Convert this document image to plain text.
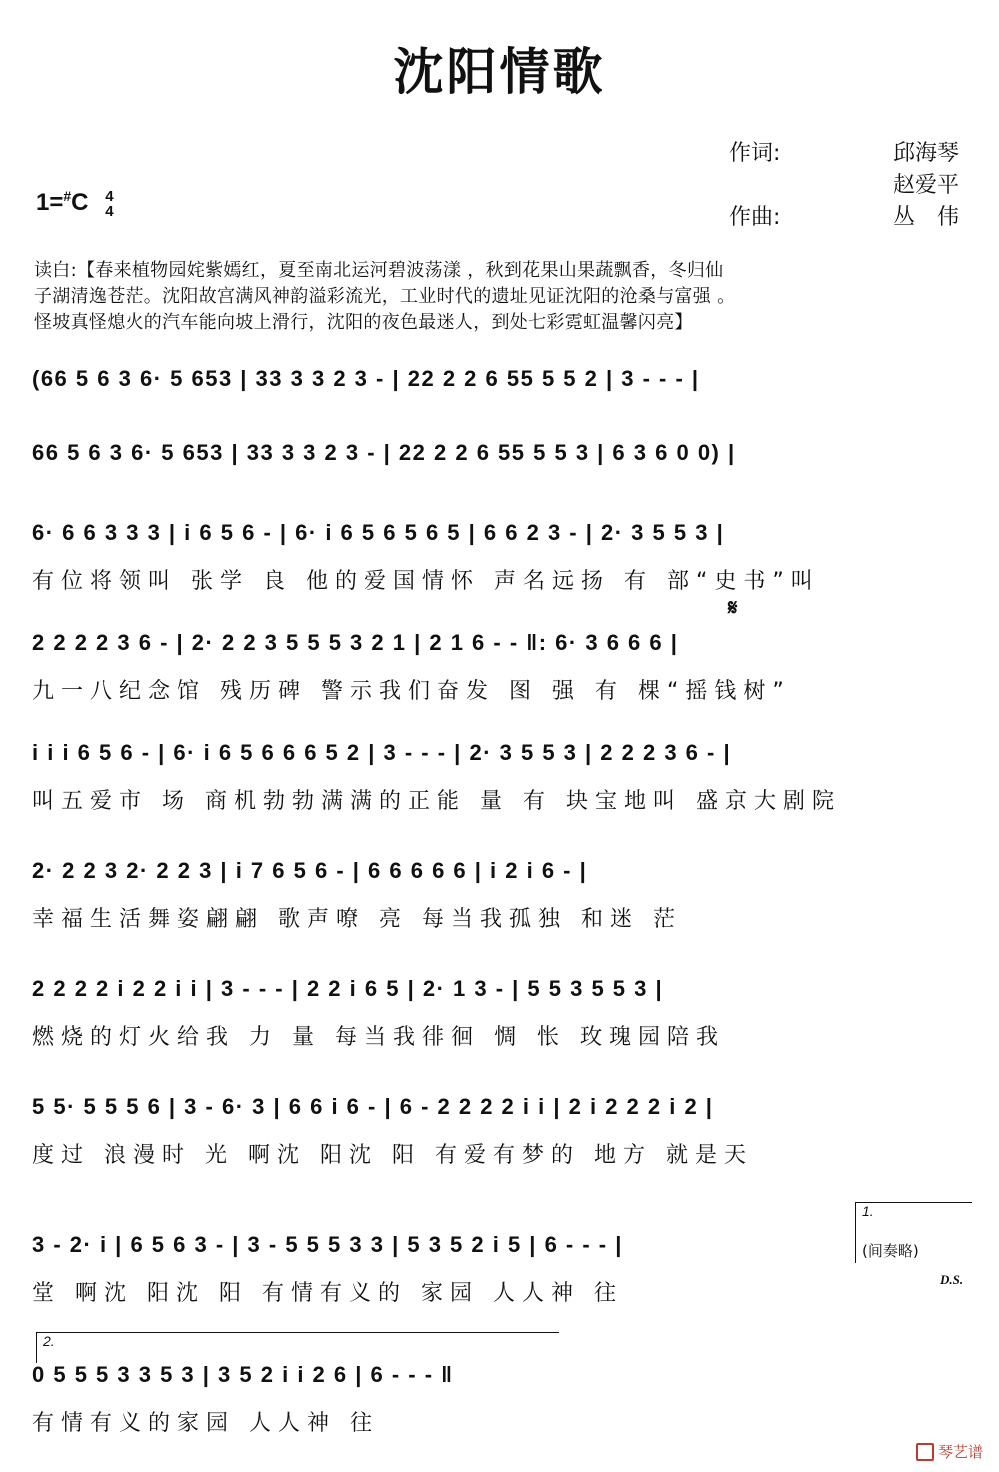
沈阳情歌
1=#C 4
4
作词:	邱海琴
赵爱平
作曲:	丛　伟
读白:【春来植物园姹紫嫣红，夏至南北运河碧波荡漾 ，秋到花果山果蔬飘香，冬归仙
子湖清逸苍茫。沈阳故宫满风神韵溢彩流光，工业时代的遗址见证沈阳的沧桑与富强 。
怪坡真怪熄火的汽车能向坡上滑行，沈阳的夜色最迷人，到处七彩霓虹温馨闪亮】
(66 5 6 3 6· 5 653 | 33 3 3 2 3 - | 22 2 2 6 55 5 5 2 | 3 - - - |
66 5 6 3 6· 5 653 | 33 3 3 2 3 - | 22 2 2 6 55 5 5 3 | 6 3 6 0 0) |
6· 6 6 3 3 3 | i 6 5 6 - | 6· i 6 5 6 5 6 5 | 6 6 2 3 - | 2· 3 5 5 3 |
有位将领叫 张学 良 他的爱国情怀 声名远扬 有 部“史书”叫
𝄋
2 2 2 2 3 6 - | 2· 2 2 3 5 5 5 3 2 1 | 2 1 6 - - ‖: 6· 3 6 6 6 |
九一八纪念馆 残历碑 警示我们奋发 图 强 有 棵“摇钱树”
i i i 6 5 6 - | 6· i 6 5 6 6 6 5 2 | 3 - - - | 2· 3 5 5 3 | 2 2 2 3 6 - |
叫五爱市 场 商机勃勃满满的正能 量 有 块宝地叫 盛京大剧院
2· 2 2 3 2· 2 2 3 | i 7 6 5 6 - | 6 6 6 6 6 | i 2 i 6 - |
幸福生活舞姿翩翩 歌声嘹 亮 每当我孤独 和迷 茫
2 2 2 2 i 2 2 i i | 3 - - - | 2 2 i 6 5 | 2· 1 3 - | 5 5 3 5 5 3 |
燃烧的灯火给我 力 量 每当我徘徊 惆 怅 玫瑰园陪我
5 5· 5 5 5 6 | 3 - 6· 3 | 6 6 i 6 - | 6 - 2 2 2 2 i i | 2 i 2 2 2 i 2 |
度过 浪漫时 光 啊沈 阳沈 阳 有爱有梦的 地方 就是天
1.
(间奏略)
3 - 2· i | 6 5 6 3 - | 3 - 5 5 5 3 3 | 5 3 5 2 i 5 | 6 - - - |
堂 啊沈 阳沈 阳 有情有义的 家园 人人神 往
D.S.
2.
0 5 5 5 3 3 5 3 | 3 5 2 i i 2 6 | 6 - - - ‖
有情有义的家园 人人神 往
琴艺谱
